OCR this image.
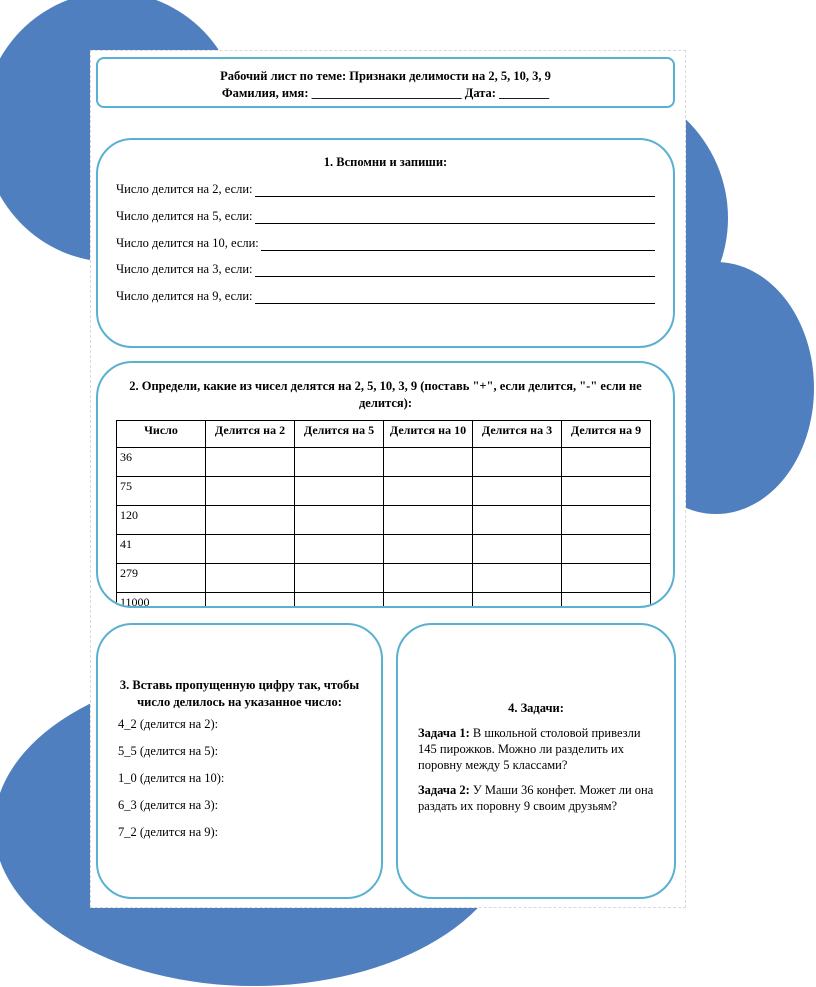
Рабочий лист по теме: Признаки делимости на 2, 5, 10, 3, 9
Фамилия, имя: ________________________ Дата: ________
1. Вспомни и запиши:
Число делится на 2, если:
Число делится на 5, если:
Число делится на 10, если:
Число делится на 3, если:
Число делится на 9, если:
2. Определи, какие из чисел делятся на 2, 5, 10, 3, 9 (поставь "+", если делится, "-" если не делится):
Число	Делится на 2	Делится на 5	Делится на 10	Делится на 3	Делится на 9
36					
75					
120					
41					
279					
11000					
3. Вставь пропущенную цифру так, чтобы число делилось на указанное число:
4_2 (делится на 2):
5_5 (делится на 5):
1_0 (делится на 10):
6_3 (делится на 3):
7_2 (делится на 9):
4. Задачи:
Задача 1: В школьной столовой привезли 145 пирожков. Можно ли разделить их поровну между 5 классами?
Задача 2: У Маши 36 конфет. Может ли она раздать их поровну 9 своим друзьям?
